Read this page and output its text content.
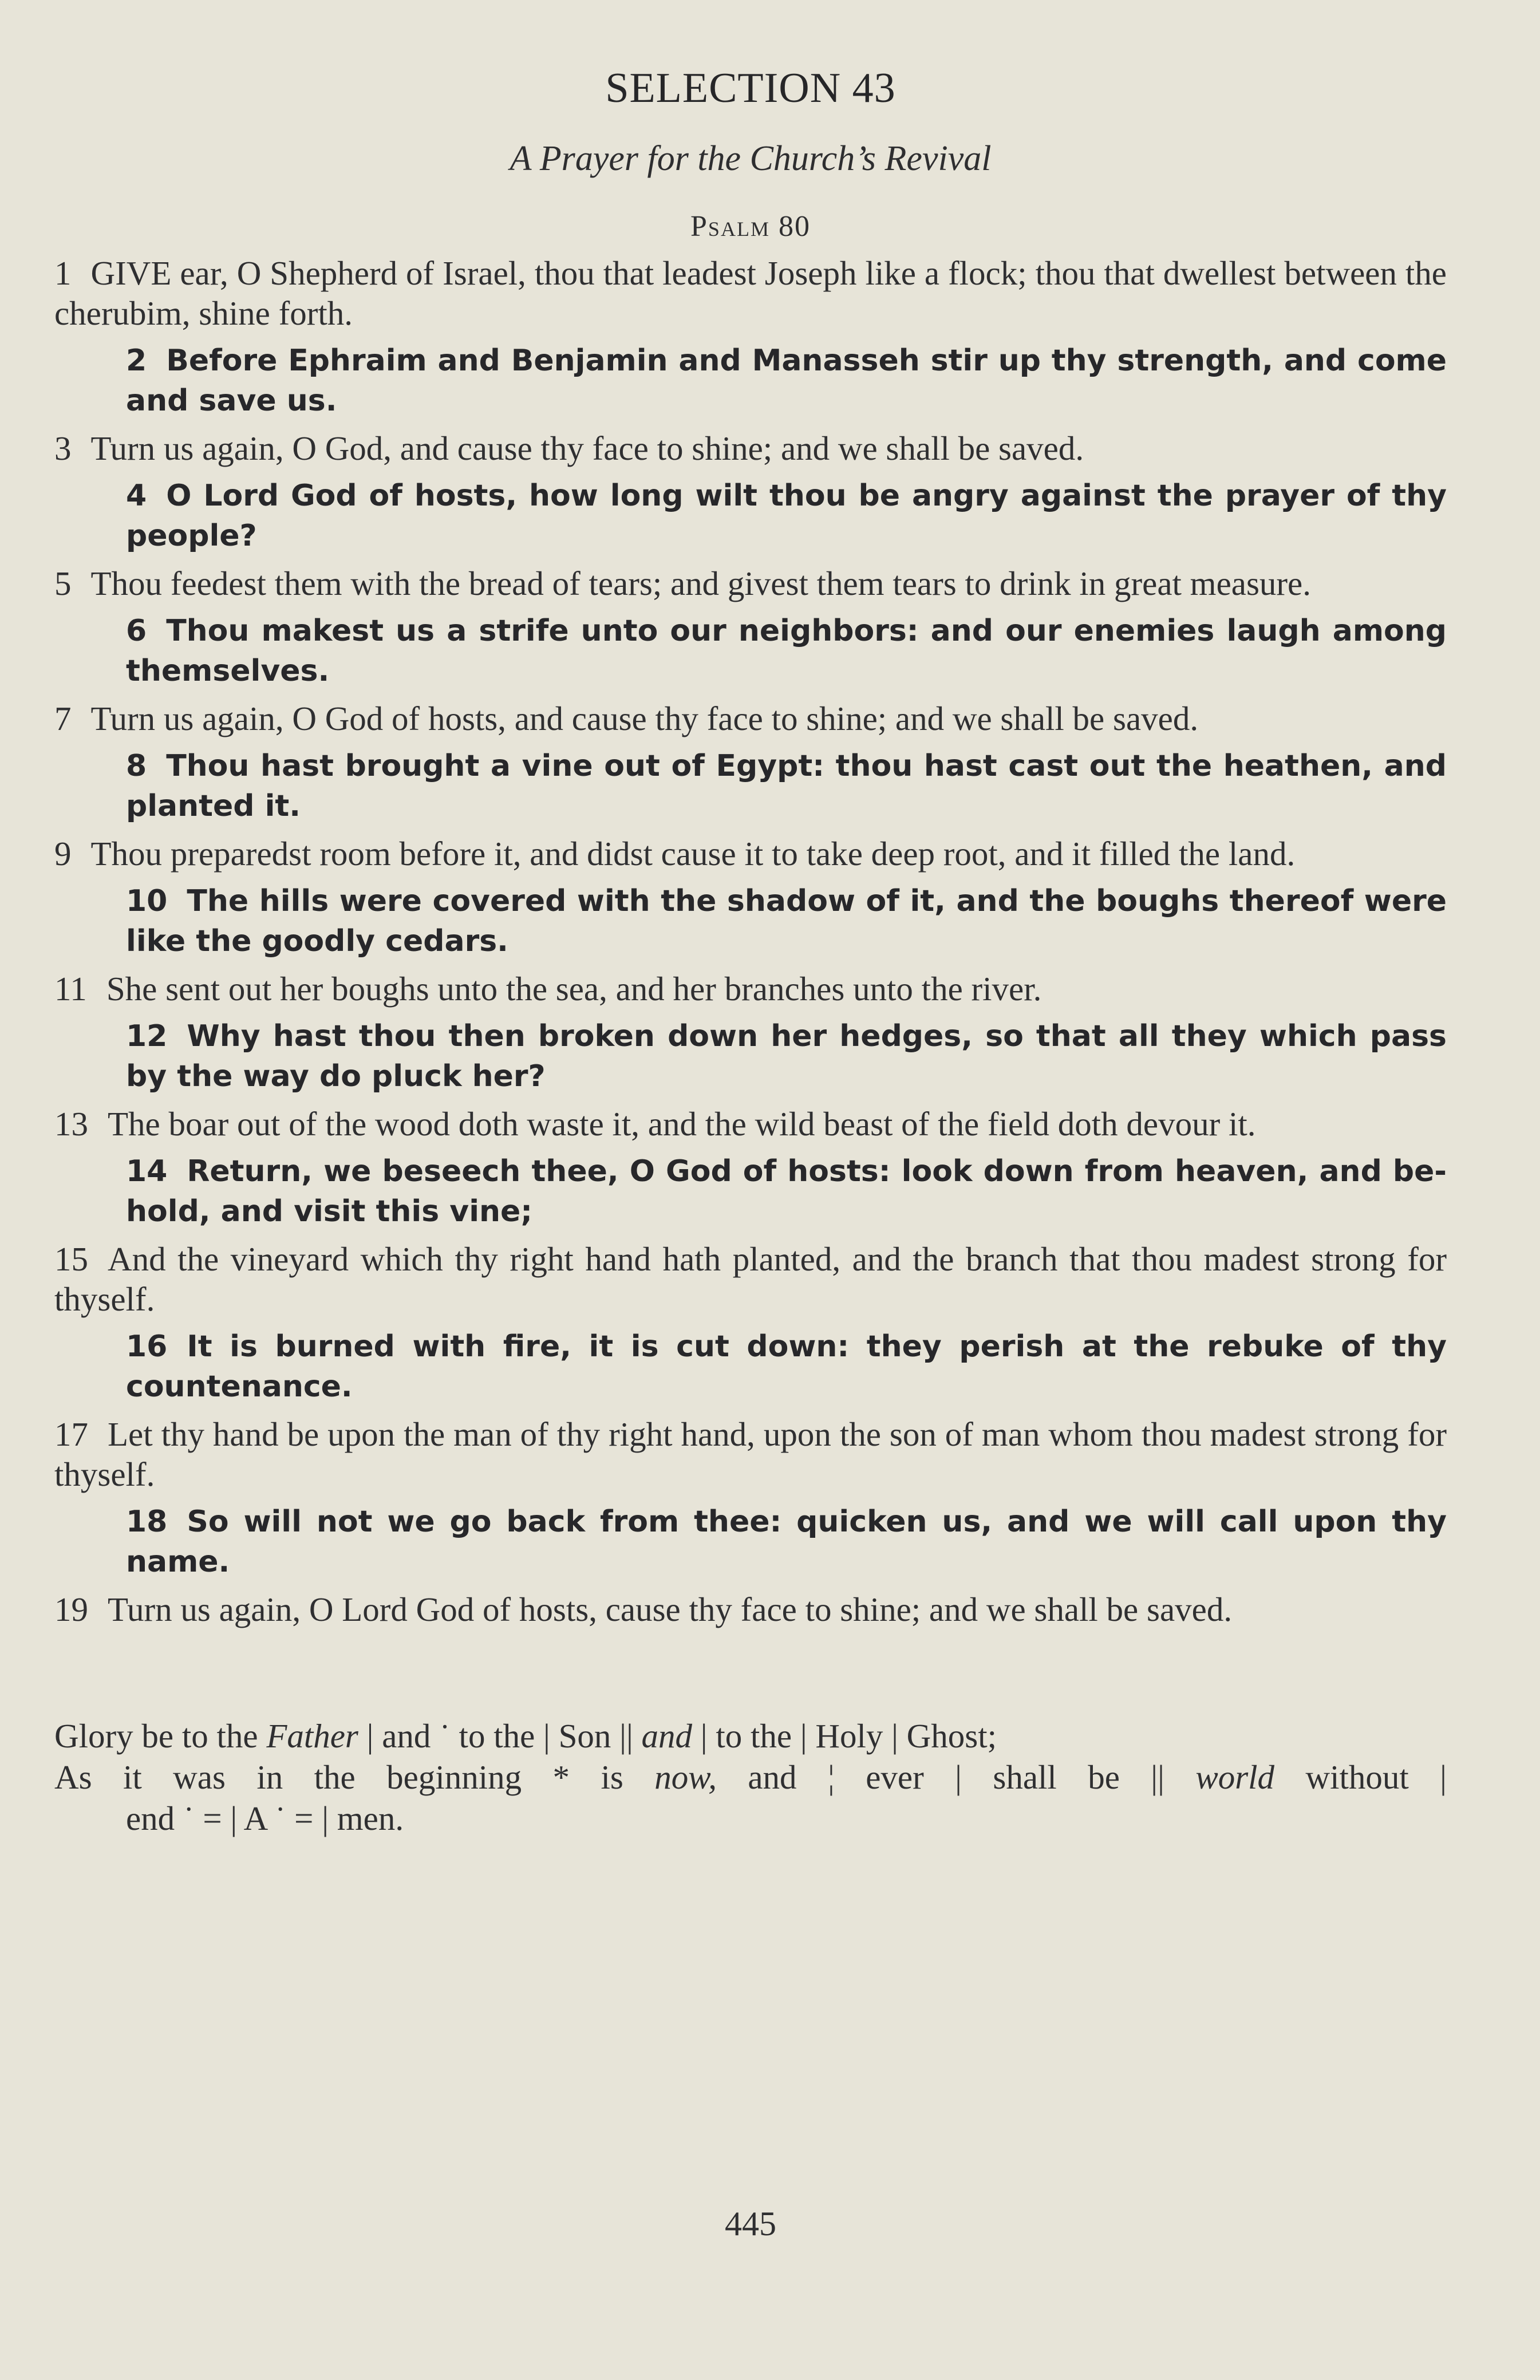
SELECTION 43
A Prayer for the Church’s Revival
Psalm 80

1 GIVE ear, O Shepherd of Israel, thou that leadest Joseph like a flock; thou that dwellest between the cherubim, shine forth.

2 Before Ephraim and Benjamin and Manasseh stir up thy strength, and come and save us.

3 Turn us again, O God, and cause thy face to shine; and we shall be saved.

4 O Lord God of hosts, how long wilt thou be angry against the prayer of thy people?

5 Thou feedest them with the bread of tears; and givest them tears to drink in great measure.

6 Thou makest us a strife unto our neighbors: and our enemies laugh among themselves.

7 Turn us again, O God of hosts, and cause thy face to shine; and we shall be saved.

8 Thou hast brought a vine out of Egypt: thou hast cast out the heathen, and planted it.

9 Thou preparedst room before it, and didst cause it to take deep root, and it filled the land.

10 The hills were covered with the shadow of it, and the boughs thereof were like the goodly cedars.

11 She sent out her boughs unto the sea, and her branches unto the river.

12 Why hast thou then broken down her hedges, so that all they which pass by the way do pluck her?

13 The boar out of the wood doth waste it, and the wild beast of the field doth devour it.

14 Return, we beseech thee, O God of hosts: look down from heaven, and behold, and visit this vine;

15 And the vineyard which thy right hand hath planted, and the branch that thou madest strong for thyself.

16 It is burned with fire, it is cut down: they perish at the rebuke of thy countenance.

17 Let thy hand be upon the man of thy right hand, upon the son of man whom thou madest strong for thyself.

18 So will not we go back from thee: quicken us, and we will call upon thy name.

19 Turn us again, O Lord God of hosts, cause thy face to shine; and we shall be saved.

Glory be to the Father | and ˙ to the | Son || and | to the | Holy | Ghost;
As it was in the beginning * is now, and ¦ ever | shall be || world without |
end ˙ = | A ˙ = | men.
445
